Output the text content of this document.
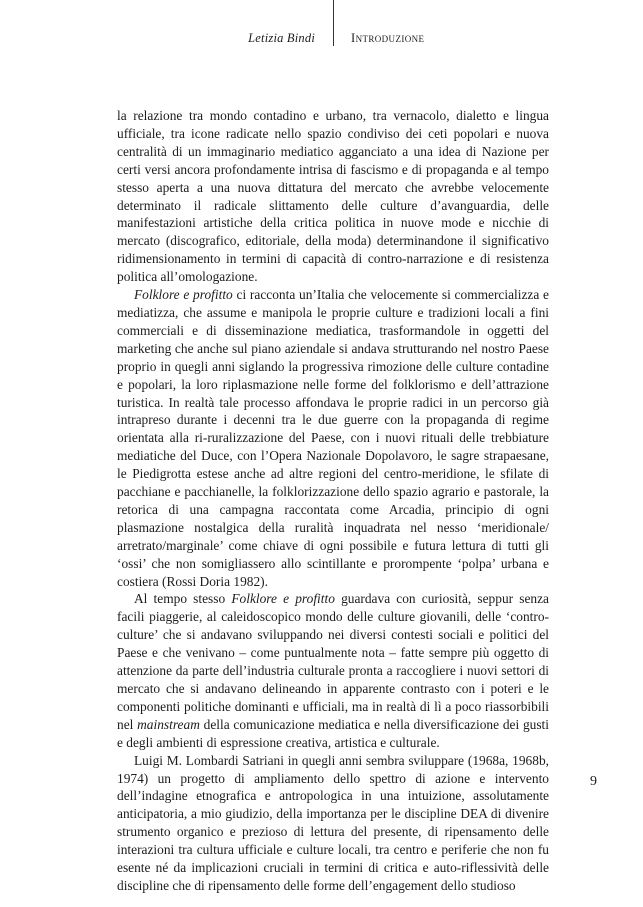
Letizia Bindi	Introduzione

la relazione tra mondo contadino e urbano, tra vernacolo, dialetto e lingua ufficiale, tra icone radicate nello spazio condiviso dei ceti popolari e nuova centralità di un immaginario mediatico agganciato a una idea di Nazione per certi versi ancora profondamente intrisa di fascismo e di propaganda e al tempo stesso aperta a una nuova dittatura del mercato che avrebbe velocemente determinato il radicale slittamento delle culture d’avanguardia, delle manifestazioni artistiche della critica politica in nuove mode e nicchie di mercato (discografico, editoriale, della moda) determinandone il significativo ridimensionamento in termini di capacità di contro-narrazione e di resistenza politica all’omologazione.

Folklore e profitto ci racconta un’Italia che velocemente si commercializza e mediatizza, che assume e manipola le proprie culture e tradizioni locali a fini commerciali e di disseminazione mediatica, trasformandole in oggetti del marketing che anche sul piano aziendale si andava strutturando nel nostro Paese proprio in quegli anni siglando la progressiva rimozione delle culture contadine e popolari, la loro riplasmazione nelle forme del folklorismo e dell’attrazione turistica. In realtà tale processo affondava le proprie radici in un percorso già intrapreso durante i decenni tra le due guerre con la propaganda di regime orientata alla ri-ruralizzazione del Paese, con i nuovi rituali delle trebbiature mediatiche del Duce, con l’Opera Nazionale Dopolavoro, le sagre strapaesane, le Piedigrotta estese anche ad altre regioni del centro-meridione, le sfilate di pacchiane e pacchianelle, la folklorizzazione dello spazio agrario e pastorale, la retorica di una campagna raccontata come Arcadia, principio di ogni plasmazione nostalgica della ruralità inquadrata nel nesso ‘meridionale/ arretrato/marginale’ come chiave di ogni possibile e futura lettura di tutti gli ‘ossi’ che non somigliassero allo scintillante e prorompente ‘polpa’ urbana e costiera (Rossi Doria 1982).

Al tempo stesso Folklore e profitto guardava con curiosità, seppur senza facili piaggerie, al caleidoscopico mondo delle culture giovanili, delle ‘contro-culture’ che si andavano sviluppando nei diversi contesti sociali e politici del Paese e che venivano – come puntualmente nota – fatte sempre più oggetto di attenzione da parte dell’industria culturale pronta a raccogliere i nuovi settori di mercato che si andavano delineando in apparente contrasto con i poteri e le componenti politiche dominanti e ufficiali, ma in realtà di lì a poco riassorbibili nel mainstream della comunicazione mediatica e nella diversificazione dei gusti e degli ambienti di espressione creativa, artistica e culturale.

Luigi M. Lombardi Satriani in quegli anni sembra sviluppare (1968a, 1968b, 1974) un progetto di ampliamento dello spettro di azione e intervento dell’indagine etnografica e antropologica in una intuizione, assolutamente anticipatoria, a mio giudizio, della importanza per le discipline DEA di divenire strumento organico e prezioso di lettura del presente, di ripensamento delle interazioni tra cultura ufficiale e culture locali, tra centro e periferie che non fu esente né da implicazioni cruciali in termini di critica e auto-riflessività delle discipline che di ripensamento delle forme dell’engagement dello studioso

9
